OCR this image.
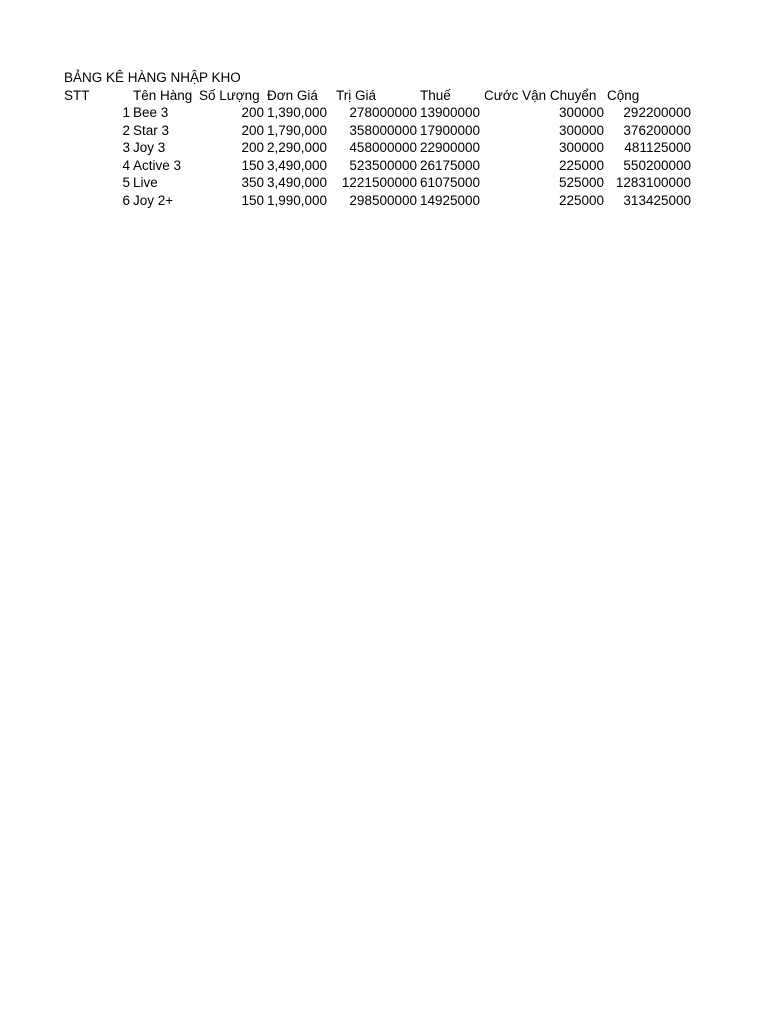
BẢNG KÊ HÀNG NHẬP KHO
STT	Tên Hàng	Số Lượng	Đơn Giá	Trị Giá	Thuế	Cước Vận Chuyển	Cộng
1	Bee 3	200	1,390,000	278000000	13900000	300000	292200000
2	Star 3	200	1,790,000	358000000	17900000	300000	376200000
3	Joy 3	200	2,290,000	458000000	22900000	300000	481125000
4	Active 3	150	3,490,000	523500000	26175000	225000	550200000
5	Live	350	3,490,000	1221500000	61075000	525000	1283100000
6	Joy 2+	150	1,990,000	298500000	14925000	225000	313425000
